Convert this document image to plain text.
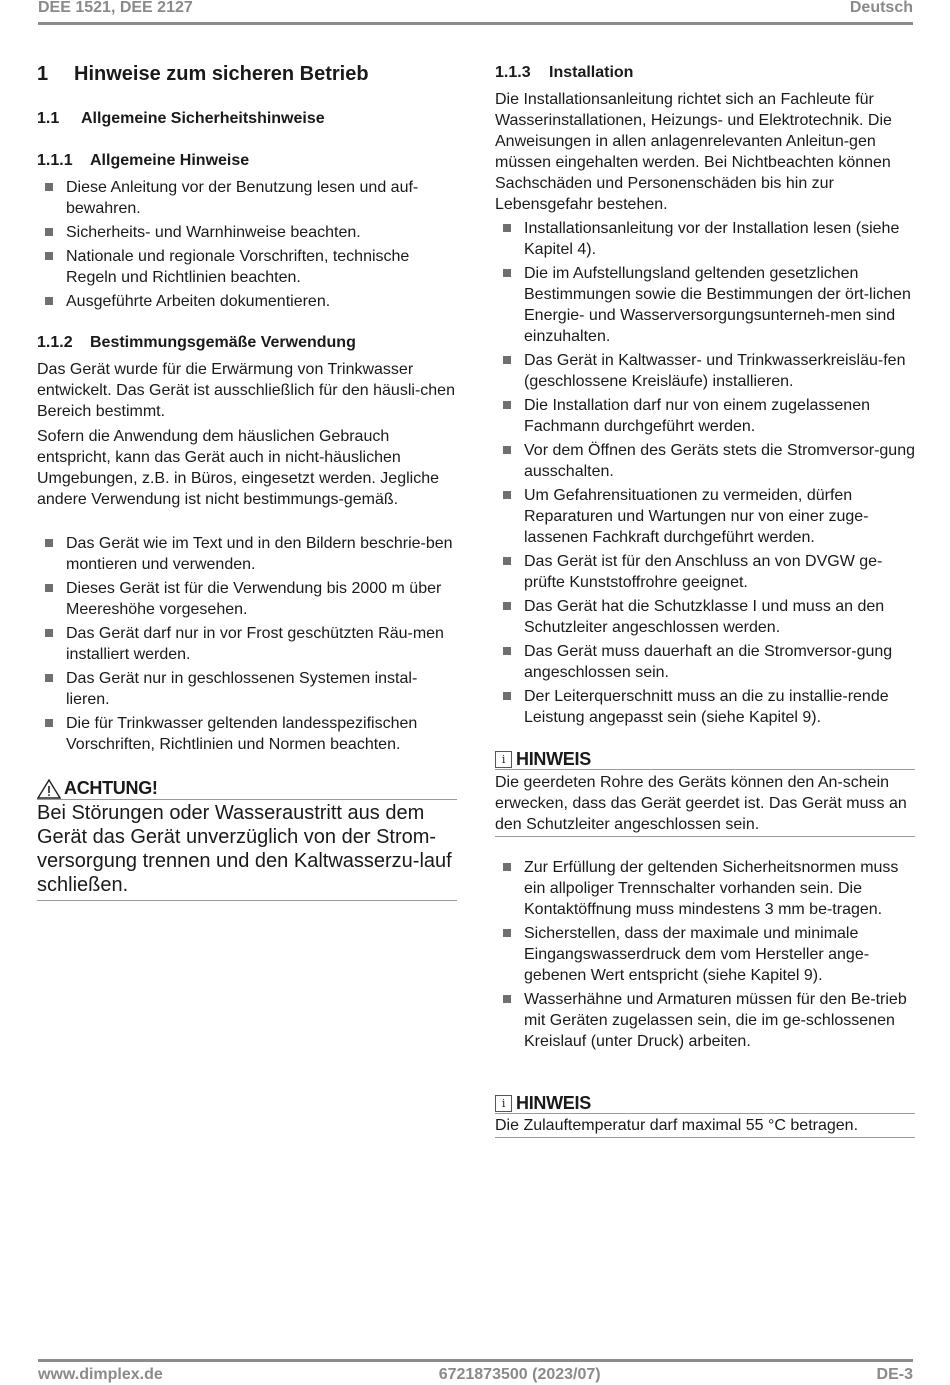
DEE 1521, DEE 2127	Deutsch
1 Hinweise zum sicheren Betrieb
1.1 Allgemeine Sicherheitshinweise
1.1.1 Allgemeine Hinweise
Diese Anleitung vor der Benutzung lesen und auf-bewahren.
Sicherheits- und Warnhinweise beachten.
Nationale und regionale Vorschriften, technische Regeln und Richtlinien beachten.
Ausgeführte Arbeiten dokumentieren.
1.1.2 Bestimmungsgemäße Verwendung

Das Gerät wurde für die Erwärmung von Trinkwasser entwickelt. Das Gerät ist ausschließlich für den häusli-chen Bereich bestimmt.

Sofern die Anwendung dem häuslichen Gebrauch entspricht, kann das Gerät auch in nicht-häuslichen Umgebungen, z.B. in Büros, eingesetzt werden. Jegliche andere Verwendung ist nicht bestimmungs-gemäß.

Das Gerät wie im Text und in den Bildern beschrie-ben montieren und verwenden.
Dieses Gerät ist für die Verwendung bis 2000 m über Meereshöhe vorgesehen.
Das Gerät darf nur in vor Frost geschützten Räu-men installiert werden.
Das Gerät nur in geschlossenen Systemen instal-lieren.
Die für Trinkwasser geltenden landesspezifischen Vorschriften, Richtlinien und Normen beachten.
ACHTUNG!

Bei Störungen oder Wasseraustritt aus dem Gerät das Gerät unverzüglich von der Strom-versorgung trennen und den Kaltwasserzu-lauf schließen.

1.1.3 Installation

Die Installationsanleitung richtet sich an Fachleute für Wasserinstallationen, Heizungs- und Elektrotechnik. Die Anweisungen in allen anlagenrelevanten Anleitun-gen müssen eingehalten werden. Bei Nichtbeachten können Sachschäden und Personenschäden bis hin zur Lebensgefahr bestehen.

Installationsanleitung vor der Installation lesen (siehe Kapitel 4).
Die im Aufstellungsland geltenden gesetzlichen Bestimmungen sowie die Bestimmungen der ört-lichen Energie- und Wasserversorgungsunterneh-men sind einzuhalten.
Das Gerät in Kaltwasser- und Trinkwasserkreisläu-fen (geschlossene Kreisläufe) installieren.
Die Installation darf nur von einem zugelassenen Fachmann durchgeführt werden.
Vor dem Öffnen des Geräts stets die Stromversor-gung ausschalten.
Um Gefahrensituationen zu vermeiden, dürfen Reparaturen und Wartungen nur von einer zuge-lassenen Fachkraft durchgeführt werden.
Das Gerät ist für den Anschluss an von DVGW ge-prüfte Kunststoffrohre geeignet.
Das Gerät hat die Schutzklasse I und muss an den Schutzleiter angeschlossen werden.
Das Gerät muss dauerhaft an die Stromversor-gung angeschlossen sein.
Der Leiterquerschnitt muss an die zu installie-rende Leistung angepasst sein (siehe Kapitel 9).
i HINWEIS

Die geerdeten Rohre des Geräts können den An-schein erwecken, dass das Gerät geerdet ist. Das Gerät muss an den Schutzleiter angeschlossen sein.

Zur Erfüllung der geltenden Sicherheitsnormen muss ein allpoliger Trennschalter vorhanden sein. Die Kontaktöffnung muss mindestens 3 mm be-tragen.
Sicherstellen, dass der maximale und minimale Eingangswasserdruck dem vom Hersteller ange-gebenen Wert entspricht (siehe Kapitel 9).
Wasserhähne und Armaturen müssen für den Be-trieb mit Geräten zugelassen sein, die im ge-schlossenen Kreislauf (unter Druck) arbeiten.
i HINWEIS

Die Zulauftemperatur darf maximal 55 °C betragen.

www.dimplex.de	6721873500 (2023/07)	DE-3
